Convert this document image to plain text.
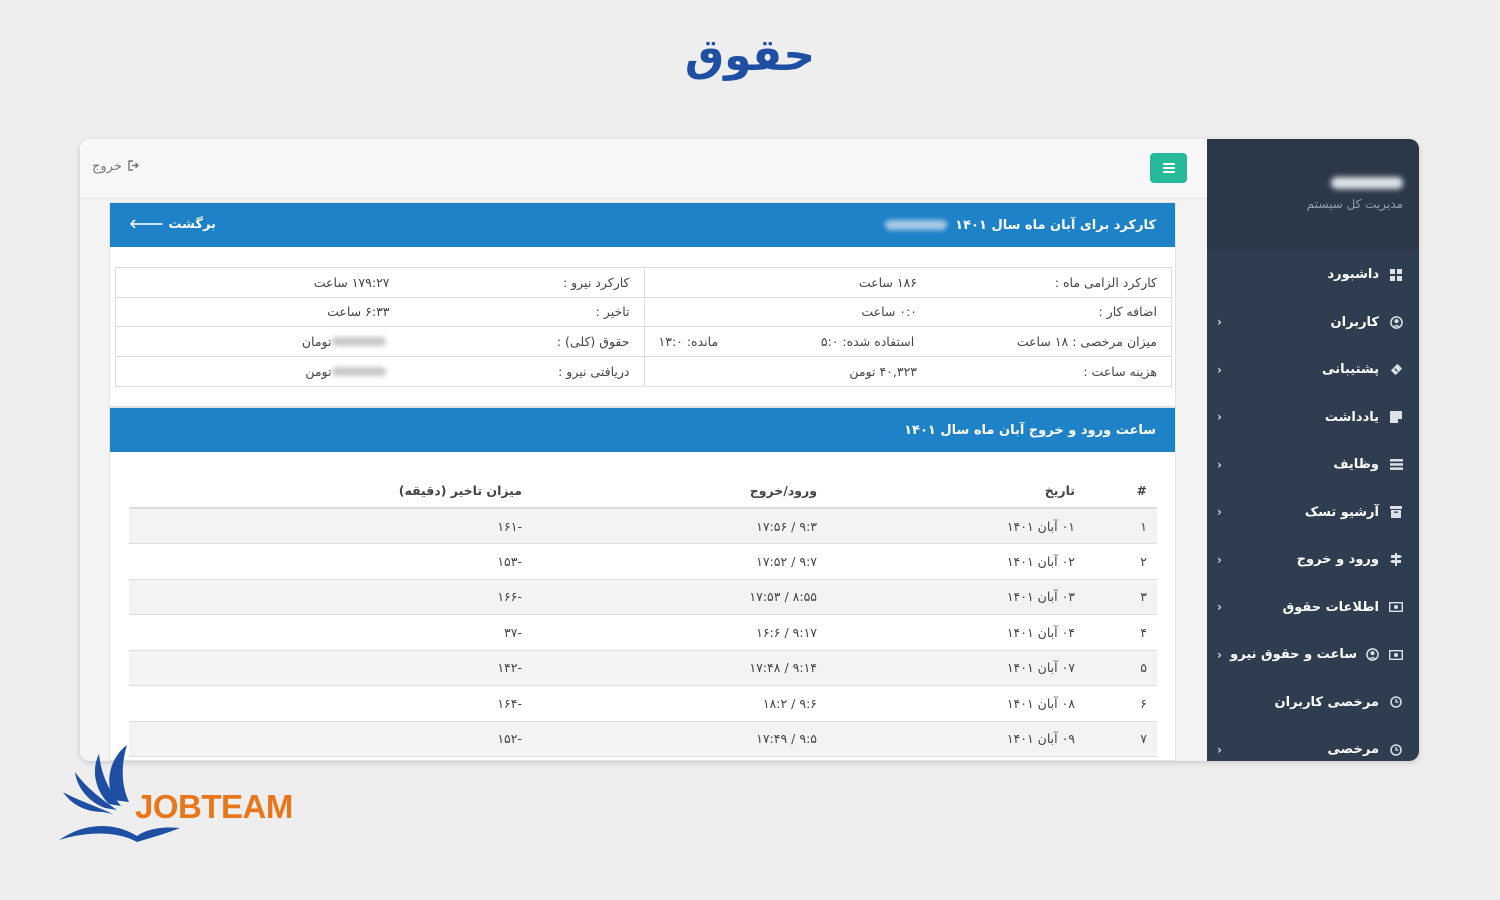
حقوق
مدیریت کل سیستم
داشبورد
کاربران
‹
پشتیبانی
‹
یادداشت
‹
وظایف
‹
آرشیو تسک
‹
ورود و خروج
‹
اطلاعات حقوق
‹
ساعت و حقوق نیرو
‹
مرخصی کاربران
مرخصی
‹
خروج
کارکرد برای آبان ماه سال ۱۴۰۱
برگشت 🡐
کارکرد الزامی ماه :
۱۸۶ ساعت
کارکرد نیرو :
۱۷۹:۲۷ ساعت
اضافه کار :
۰:۰ ساعت
تاخیر :
۶:۳۳ ساعت
میزان مرخصی : ۱۸ ساعت
استفاده شده: ۵:۰
مانده: ۱۳:۰
حقوق (کلی) :
تومان
هزینه ساعت :
۴۰,۳۲۳ تومن
دریافتی نیرو :
تومن
ساعت ورود و خروج آبان ماه سال ۱۴۰۱
#	تاریخ	ورود/خروج	میزان تاخیر (دقیقه)
۱	۰۱ آبان ۱۴۰۱	۹:۳ / ۱۷:۵۶	-۱۶۱
۲	۰۲ آبان ۱۴۰۱	۹:۷ / ۱۷:۵۲	-۱۵۳
۳	۰۳ آبان ۱۴۰۱	۸:۵۵ / ۱۷:۵۳	-۱۶۶
۴	۰۴ آبان ۱۴۰۱	۹:۱۷ / ۱۶:۶	-۳۷
۵	۰۷ آبان ۱۴۰۱	۹:۱۴ / ۱۷:۴۸	-۱۴۲
۶	۰۸ آبان ۱۴۰۱	۹:۶ / ۱۸:۲	-۱۶۴
۷	۰۹ آبان ۱۴۰۱	۹:۵ / ۱۷:۴۹	-۱۵۲
JOBTEAM
